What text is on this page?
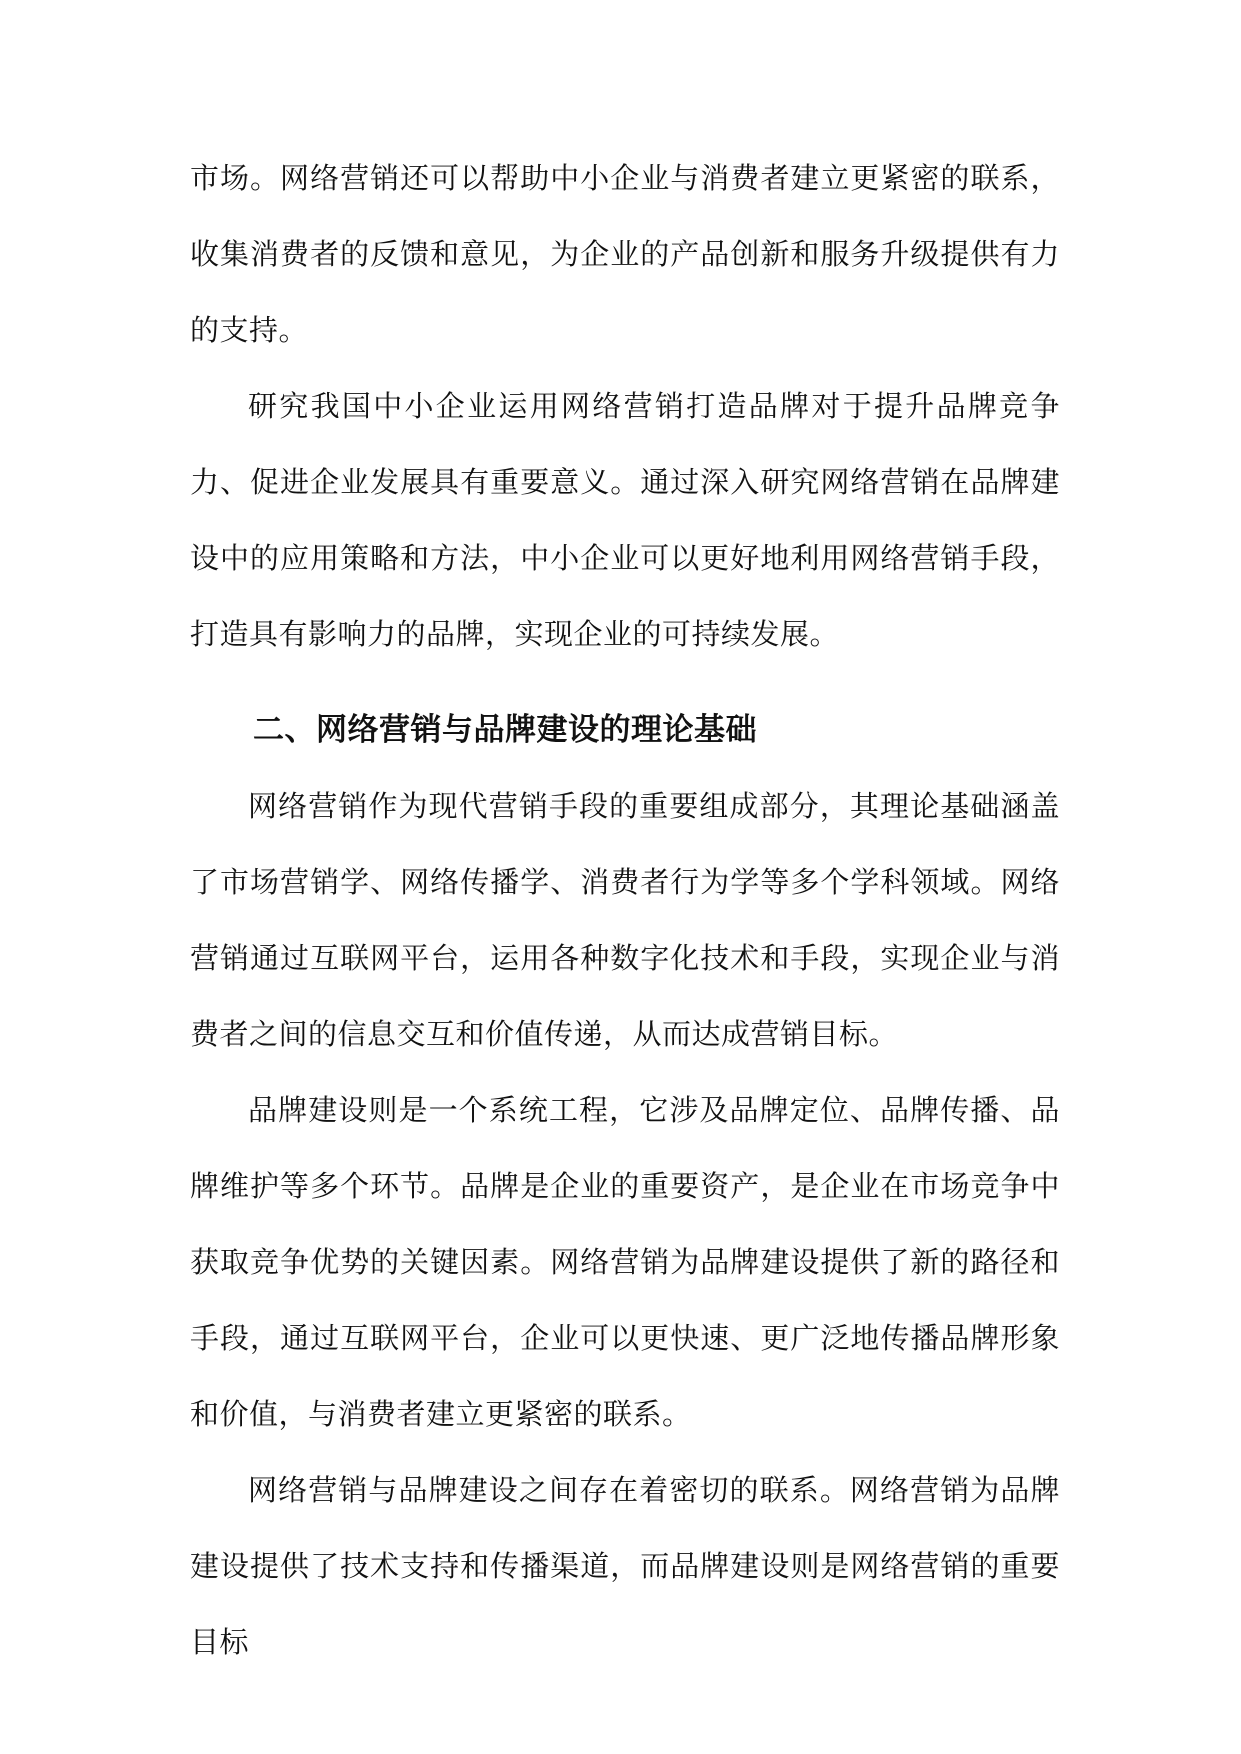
市场。网络营销还可以帮助中小企业与消费者建立更紧密的联系，收集消费者的反馈和意见，为企业的产品创新和服务升级提供有力的支持。

研究我国中小企业运用网络营销打造品牌对于提升品牌竞争力、促进企业发展具有重要意义。通过深入研究网络营销在品牌建设中的应用策略和方法，中小企业可以更好地利用网络营销手段，打造具有影响力的品牌，实现企业的可持续发展。

二、网络营销与品牌建设的理论基础

网络营销作为现代营销手段的重要组成部分，其理论基础涵盖了市场营销学、网络传播学、消费者行为学等多个学科领域。网络营销通过互联网平台，运用各种数字化技术和手段，实现企业与消费者之间的信息交互和价值传递，从而达成营销目标。

品牌建设则是一个系统工程，它涉及品牌定位、品牌传播、品牌维护等多个环节。品牌是企业的重要资产，是企业在市场竞争中获取竞争优势的关键因素。网络营销为品牌建设提供了新的路径和手段，通过互联网平台，企业可以更快速、更广泛地传播品牌形象和价值，与消费者建立更紧密的联系。

网络营销与品牌建设之间存在着密切的联系。网络营销为品牌建设提供了技术支持和传播渠道，而品牌建设则是网络营销的重要目标
